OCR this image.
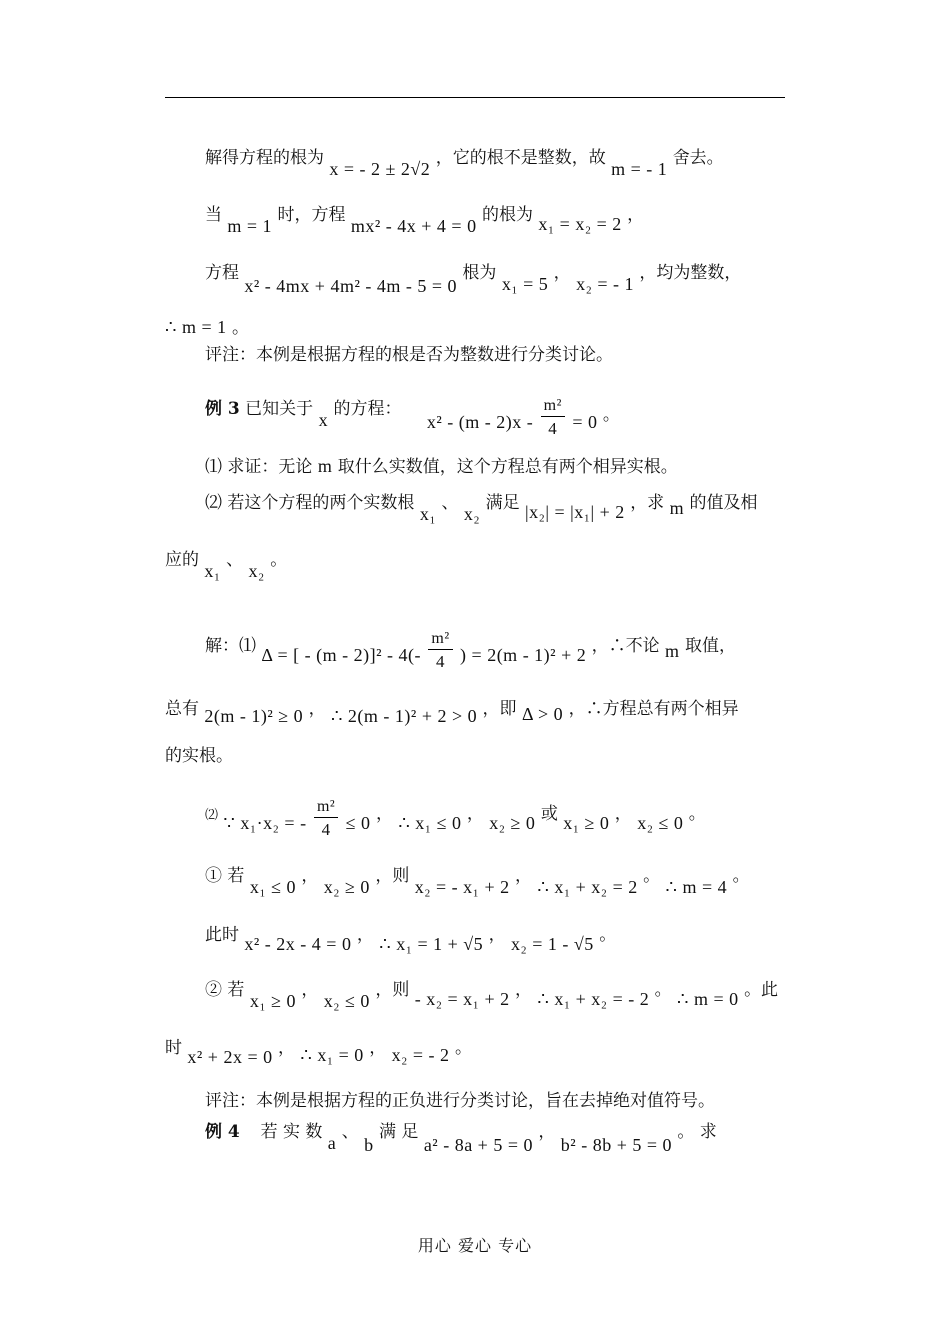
解得方程的根为 x = - 2 ± 2√2 ，它的根不是整数，故 m = - 1 舍去。
当 m = 1 时，方程 mx² - 4x + 4 = 0 的根为 x₁ = x₂ = 2 ，
方程 x² - 4mx + 4m² - 4m - 5 = 0 根为 x₁ = 5 ， x₂ = - 1 ，均为整数，
∴ m = 1 。
评注：本例是根据方程的根是否为整数进行分类讨论。
例 3 已知关于 x 的方程： $x^2 - (m - 2)x - \frac{\text{m²}}{4} = 0$ 。
⑴ 求证：无论 m 取什么实数值，这个方程总有两个相异实根。
⑵ 若这个方程的两个实数根 x₁ 、 x₂ 满足 |x₂| = |x₁| + 2 ，求 m 的值及相
应的 x₁ 、 x₂ 。
解：⑴ Δ = [ - $(m - 2)]^2 - 4(- \frac{\text{m²}}{4}$ ) = 2(m - 1)² + 2 ，∴不论 m 取值，
总有 2(m - 1)² ≥ 0 ， ∴ 2(m - 1)² + 2 > 0 ，即 Δ > 0 ，∴方程总有两个相异
的实根。
⑵ ∵ x₁·x₂ = - $\frac{\text{m²}}{4} \le 0$ ， ∴ x₁ ≤ 0 ， x₂ ≥ 0 或 x₁ ≥ 0 ， x₂ ≤ 0 。
① 若 x₁ ≤ 0 ， x₂ ≥ 0 ，则 x₂ = - x₁ + 2 ， ∴ x₁ + x₂ = 2 。 ∴ m = 4 。
此时 x² - 2x - 4 = 0 ， ∴ x₁ = 1 + √5 ， x₂ = 1 - √5 。
② 若 x₁ ≥ 0 ， x₂ ≤ 0 ，则 - x₂ = x₁ + 2 ， ∴ x₁ + x₂ = - 2 。 ∴ m = 0 。此
时 x² + 2x = 0 ， ∴ x₁ = 0 ， x₂ = - 2 。
评注：本例是根据方程的正负进行分类讨论，旨在去掉绝对值符号。
例 4 若 实 数 a 、 b 满 足 a² - 8a + 5 = 0 ， b² - 8b + 5 = 0 。 求
用心 爱心 专心
